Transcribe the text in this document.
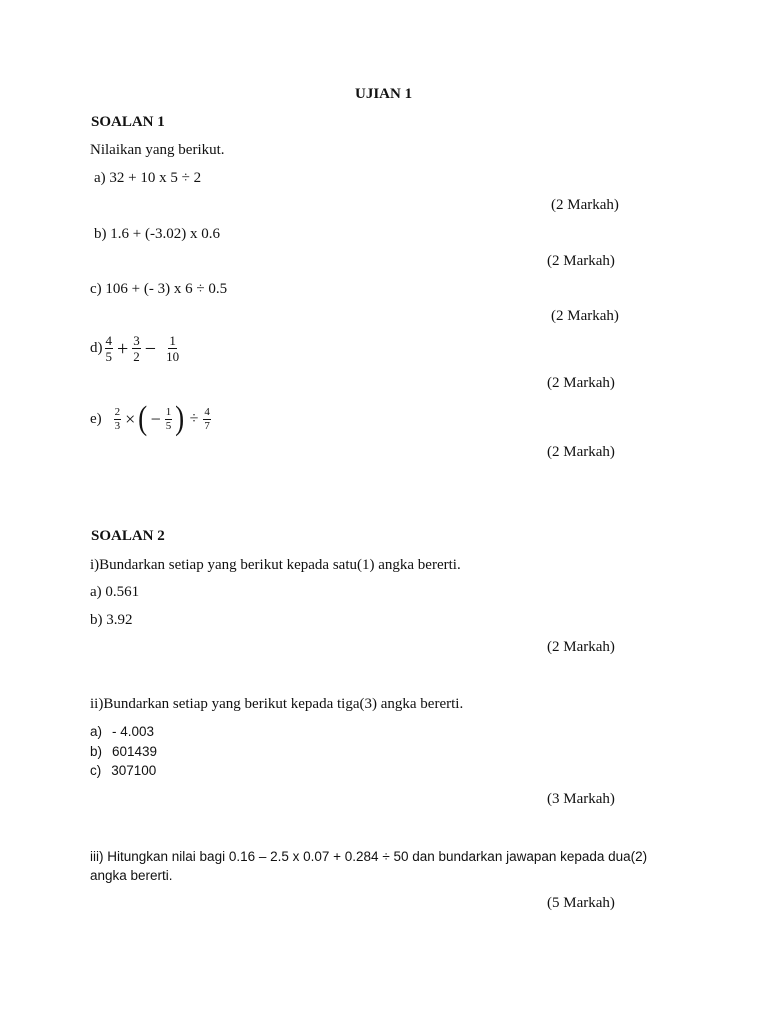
UJIAN 1
SOALAN 1
Nilaikan yang berikut.
a) 32 + 10 x 5 ÷ 2
(2 Markah)
b) 1.6 + (-3.02) x 0.6
(2 Markah)
c) 106 + (- 3) x 6 ÷ 0.5
(2 Markah)
$d) \frac{4}{5} + \frac{3}{2} - \frac{1}{10}$
(2 Markah)
$e) \frac{2}{3}$ × ( − $\frac{1}{5}$ ) ÷ $\frac{4}{7}$
(2 Markah)
SOALAN 2
i)Bundarkan setiap yang berikut kepada satu(1) angka bererti.
a) 0.561
b) 3.92
(2 Markah)
ii)Bundarkan setiap yang berikut kepada tiga(3) angka bererti.
a) - 4.003
b) 601439
c) 307100
(3 Markah)
iii) Hitungkan nilai bagi 0.16 – 2.5 x 0.07 + 0.284 ÷ 50 dan bundarkan jawapan kepada dua(2)
angka bererti.
(5 Markah)
